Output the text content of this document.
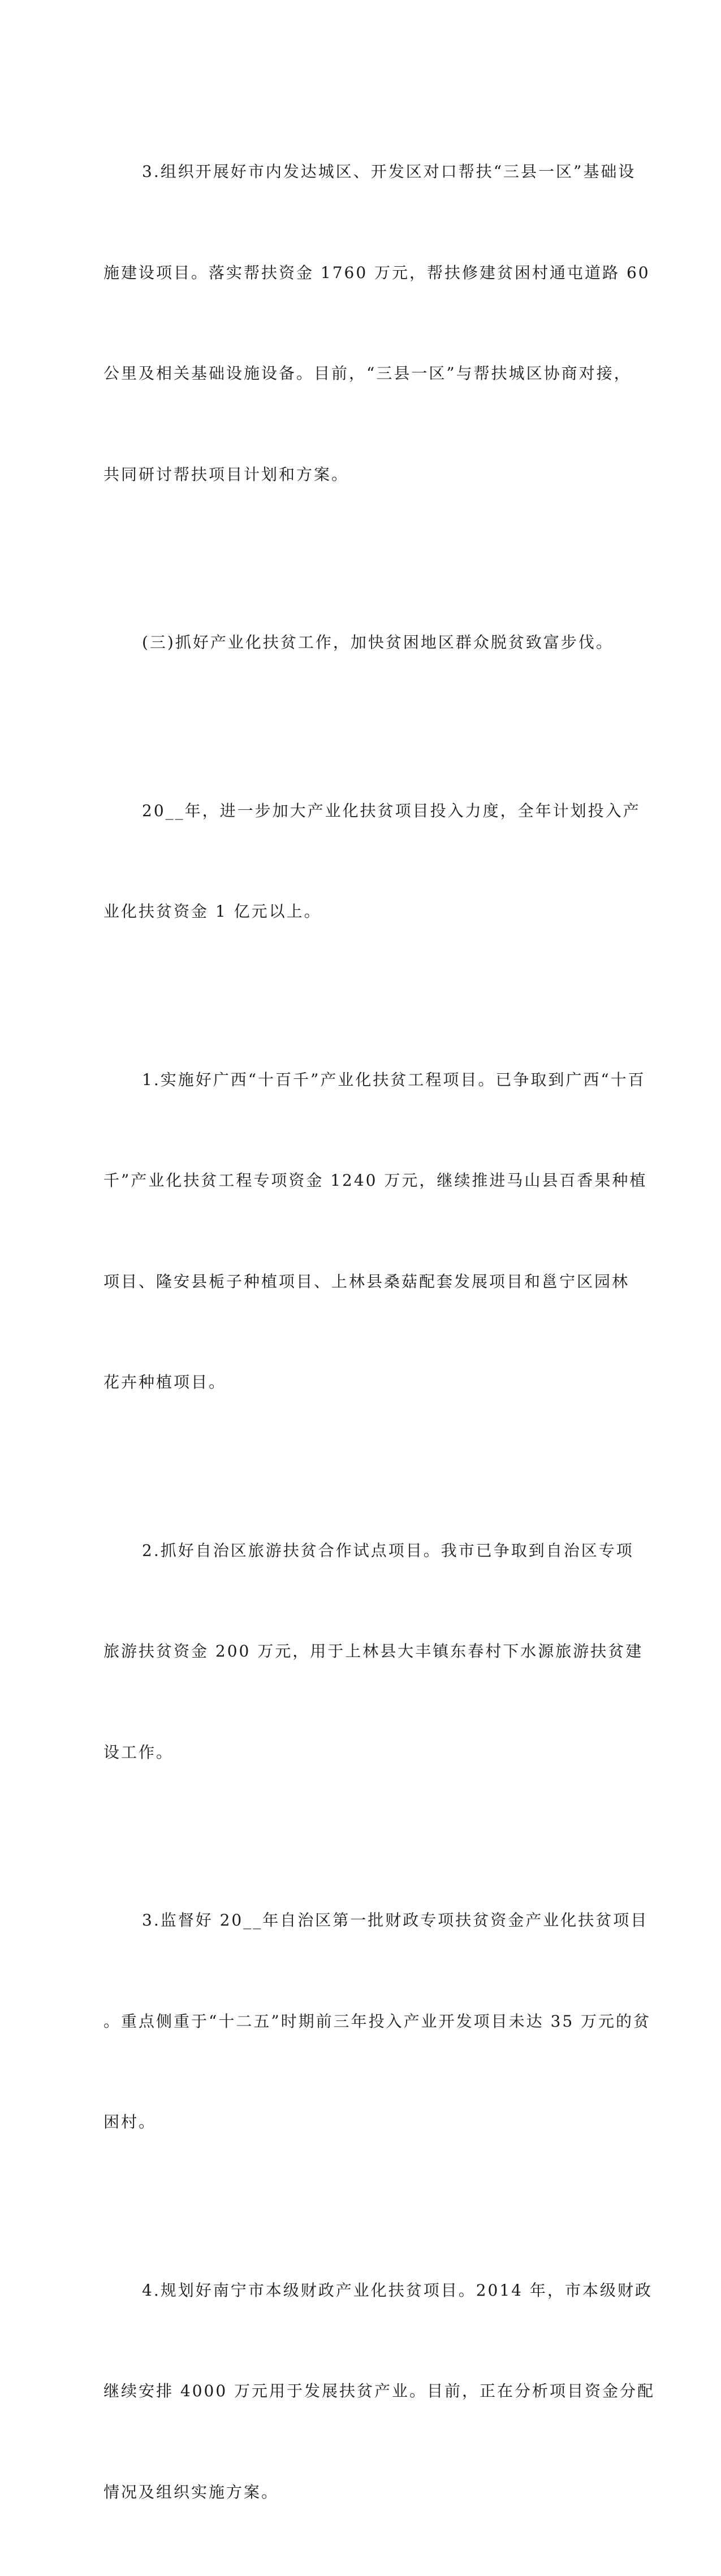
3.组织开展好市内发达城区、开发区对口帮扶“三县一区”基础设

施建设项目。落实帮扶资金 1760 万元，帮扶修建贫困村通屯道路 60

公里及相关基础设施设备。目前，“三县一区”与帮扶城区协商对接，

共同研讨帮扶项目计划和方案。

(三)抓好产业化扶贫工作，加快贫困地区群众脱贫致富步伐。

20__年，进一步加大产业化扶贫项目投入力度，全年计划投入产

业化扶贫资金 1 亿元以上。

1.实施好广西“十百千”产业化扶贫工程项目。已争取到广西“十百

千”产业化扶贫工程专项资金 1240 万元，继续推进马山县百香果种植

项目、隆安县栀子种植项目、上林县桑菇配套发展项目和邕宁区园林

花卉种植项目。

2.抓好自治区旅游扶贫合作试点项目。我市已争取到自治区专项

旅游扶贫资金 200 万元，用于上林县大丰镇东春村下水源旅游扶贫建

设工作。

3.监督好 20__年自治区第一批财政专项扶贫资金产业化扶贫项目

。重点侧重于“十二五”时期前三年投入产业开发项目未达 35 万元的贫

困村。

4.规划好南宁市本级财政产业化扶贫项目。2014 年，市本级财政

继续安排 4000 万元用于发展扶贫产业。目前，正在分析项目资金分配

情况及组织实施方案。
